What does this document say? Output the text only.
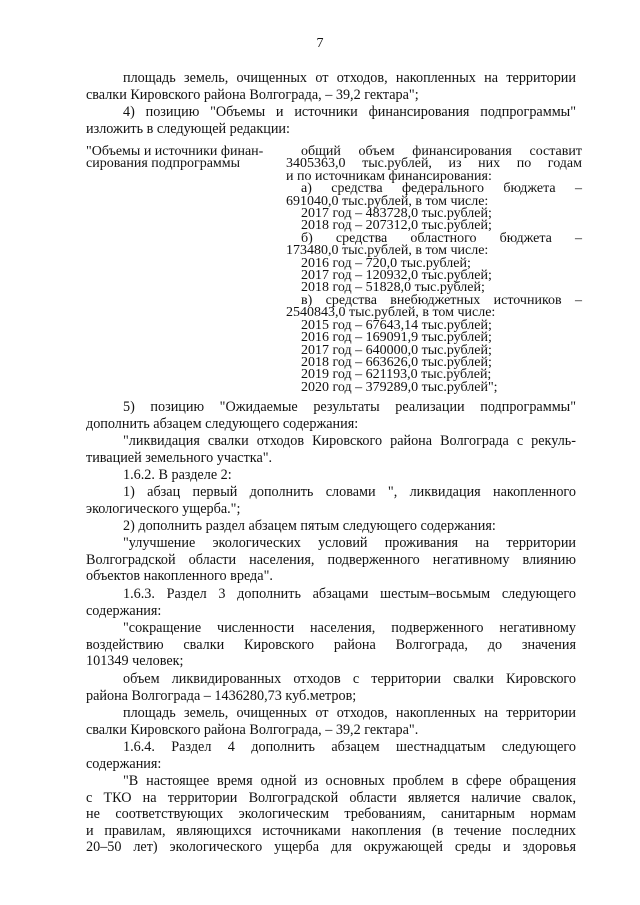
7

площадь земель, очищенных от отходов, накопленных на территории
свалки Кировского района Волгограда, – 39,2 гектара";

4) позицию "Объемы и источники финансирования подпрограммы"
изложить в следующей редакции:

"Объемы и источники финан-
сирования подпрограммы
общий объем финансирования составит
3405363,0 тыс.рублей, из них по годам
и по источникам финансирования:
а) средства федерального бюджета –
691040,0 тыс.рублей, в том числе:
2017 год – 483728,0 тыс.рублей;
2018 год – 207312,0 тыс.рублей;
б) средства областного бюджета –
173480,0 тыс.рублей, в том числе:
2016 год – 720,0 тыс.рублей;
2017 год – 120932,0 тыс.рублей;
2018 год – 51828,0 тыс.рублей;
в) средства внебюджетных источников –
2540843,0 тыс.рублей, в том числе:
2015 год – 67643,14 тыс.рублей;
2016 год – 169091,9 тыс.рублей;
2017 год – 640000,0 тыс.рублей;
2018 год – 663626,0 тыс.рублей;
2019 год – 621193,0 тыс.рублей;
2020 год – 379289,0 тыс.рублей";

5) позицию "Ожидаемые результаты реализации подпрограммы"
дополнить абзацем следующего содержания:

"ликвидация свалки отходов Кировского района Волгограда с рекуль-
тивацией земельного участка".

1.6.2. В разделе 2:

1) абзац первый дополнить словами ", ликвидация накопленного
экологического ущерба.";

2) дополнить раздел абзацем пятым следующего содержания:

"улучшение экологических условий проживания на территории
Волгоградской области населения, подверженного негативному влиянию
объектов накопленного вреда".

1.6.3. Раздел 3 дополнить абзацами шестым–восьмым следующего
содержания:

"сокращение численности населения, подверженного негативному
воздействию свалки Кировского района Волгограда, до значения
101349 человек;

объем ликвидированных отходов с территории свалки Кировского
района Волгограда – 1436280,73 куб.метров;

площадь земель, очищенных от отходов, накопленных на территории
свалки Кировского района Волгограда, – 39,2 гектара".

1.6.4. Раздел 4 дополнить абзацем шестнадцатым следующего
содержания:

"В настоящее время одной из основных проблем в сфере обращения
с ТКО на территории Волгоградской области является наличие свалок,
не соответствующих экологическим требованиям, санитарным нормам
и правилам, являющихся источниками накопления (в течение последних
20–50 лет) экологического ущерба для окружающей среды и здоровья
